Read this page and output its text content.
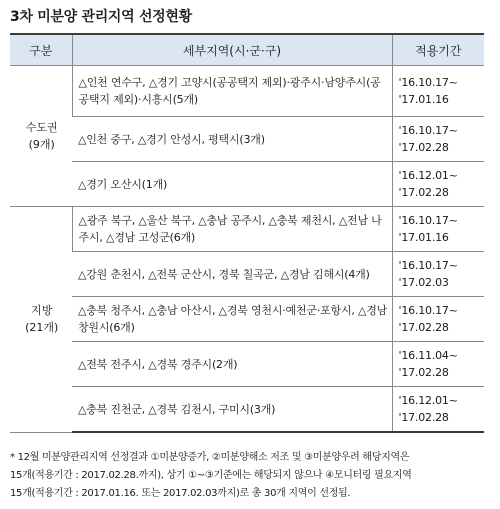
3차 미분양 관리지역 선정현황
구분	세부지역(시·군·구)	적용기간

수도권
(9개)	△인천 연수구, △경기 고양시(공공택지 제외)·광주시·남양주시(공공택지 제외)·시흥시(5개)	'16.10.17~
'17.01.16

	△인천 중구, △경기 안성시, 평택시(3개)	'16.10.17~
'17.02.28

	△경기 오산시(1개)	'16.12.01~
'17.02.28

지방
(21개)	△광주 북구, △울산 북구, △충남 공주시, △충북 제천시, △전남 나주시, △경남 고성군(6개)	'16.10.17~
'17.01.16

	△강원 춘천시, △전북 군산시, 경북 칠곡군, △경남 김해시(4개)	'16.10.17~
'17.02.03

	△충북 청주시, △충남 아산시, △경북 영천시·예천군·포항시, △경남 창원시(6개)	'16.10.17~
'17.02.28

	△전북 전주시, △경북 경주시(2개)	'16.11.04~
'17.02.28

	△충북 진천군, △경북 김천시, 구미시(3개)	'16.12.01~
'17.02.28
* 12월 미분양관리지역 선정결과 ①미분양증가, ②미분양해소 저조 및 ③미분양우려 해당지역은
15개(적용기간 : 2017.02.28.까지), 상기 ①~③기준에는 해당되지 않으나 ④모니터링 필요지역
15개(적용기간 : 2017.01.16. 또는 2017.02.03까지)로 총 30개 지역이 선정됨.
